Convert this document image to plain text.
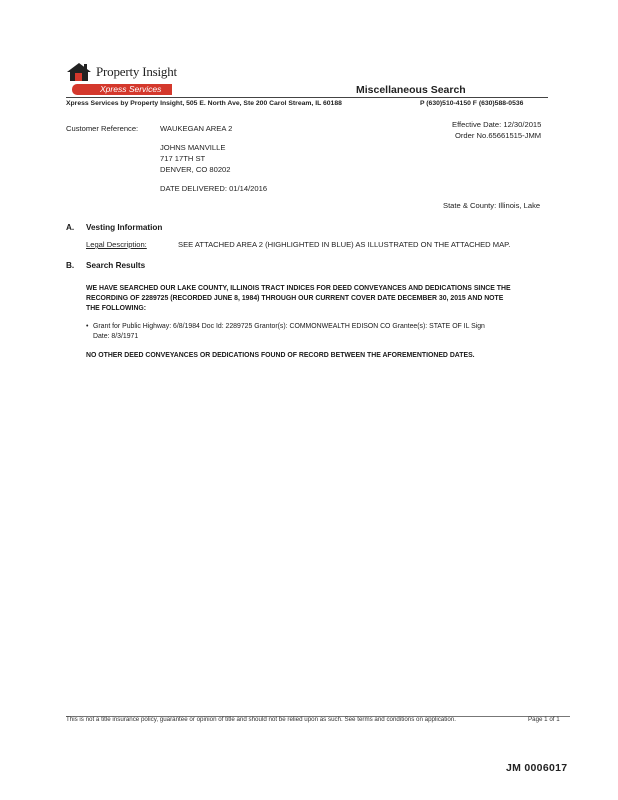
Property Insight
Xpress Services	Miscellaneous Search
Xpress Services by Property Insight, 505 E. North Ave, Ste 200 Carol Stream, IL 60188	P (630)510-4150 F (630)588-0536
Customer Reference:	WAUKEGAN AREA 2	Effective Date: 12/30/2015
Order No.65661515-JMM
JOHNS MANVILLE
717 17TH ST
DENVER, CO 80202
DATE DELIVERED: 01/14/2016
State & County: Illinois, Lake
A. Vesting Information
Legal Description:	SEE ATTACHED AREA 2 (HIGHLIGHTED IN BLUE) AS ILLUSTRATED ON THE ATTACHED MAP.
B. Search Results
WE HAVE SEARCHED OUR LAKE COUNTY, ILLINOIS TRACT INDICES FOR DEED CONVEYANCES AND DEDICATIONS SINCE THE
RECORDING OF 2289725 (RECORDED JUNE 8, 1984) THROUGH OUR CURRENT COVER DATE DECEMBER 30, 2015 AND NOTE
THE FOLLOWING:
• Grant for Public Highway: 6/8/1984 Doc Id: 2289725 Grantor(s): COMMONWEALTH EDISON CO Grantee(s): STATE OF IL Sign
Date: 8/3/1971
NO OTHER DEED CONVEYANCES OR DEDICATIONS FOUND OF RECORD BETWEEN THE AFOREMENTIONED DATES.
This is not a title insurance policy, guarantee or opinion of title and should not be relied upon as such. See terms and conditions on application.	Page 1 of 1
JM 0006017
